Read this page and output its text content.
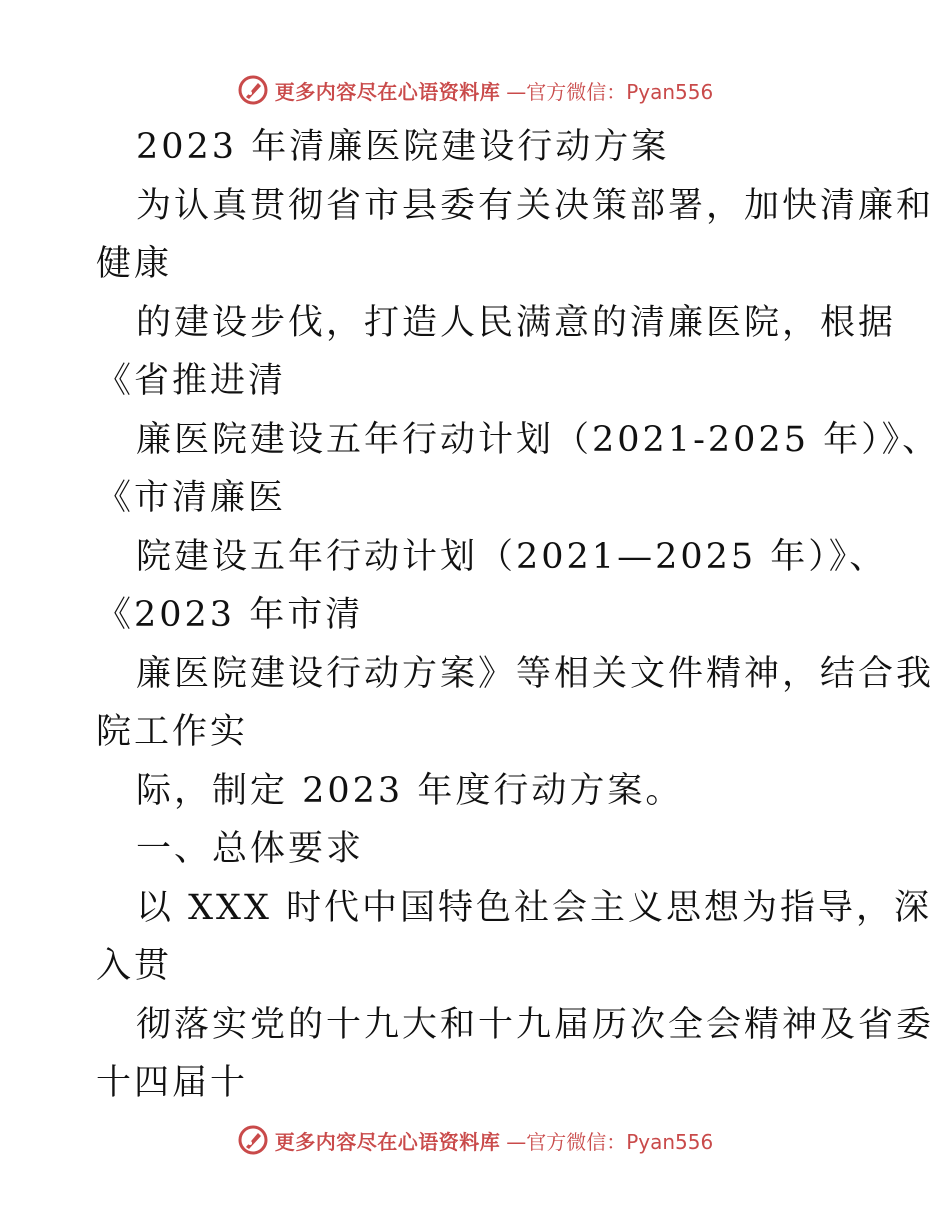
更多内容尽在心语资料库 —官方微信：Pyan556
2023 年清廉医院建设行动方案
为认真贯彻省市县委有关决策部署，加快清廉和
健康
的建设步伐，打造人民满意的清廉医院，根据
《省推进清
廉医院建设五年行动计划（2021-2025 年）》、
《市清廉医
院建设五年行动计划（2021—2025 年）》、
《2023 年市清
廉医院建设行动方案》等相关文件精神，结合我
院工作实
际，制定 2023 年度行动方案。
一、总体要求
以 XXX 时代中国特色社会主义思想为指导，深
入贯
彻落实党的十九大和十九届历次全会精神及省委
十四届十
更多内容尽在心语资料库 —官方微信：Pyan556
